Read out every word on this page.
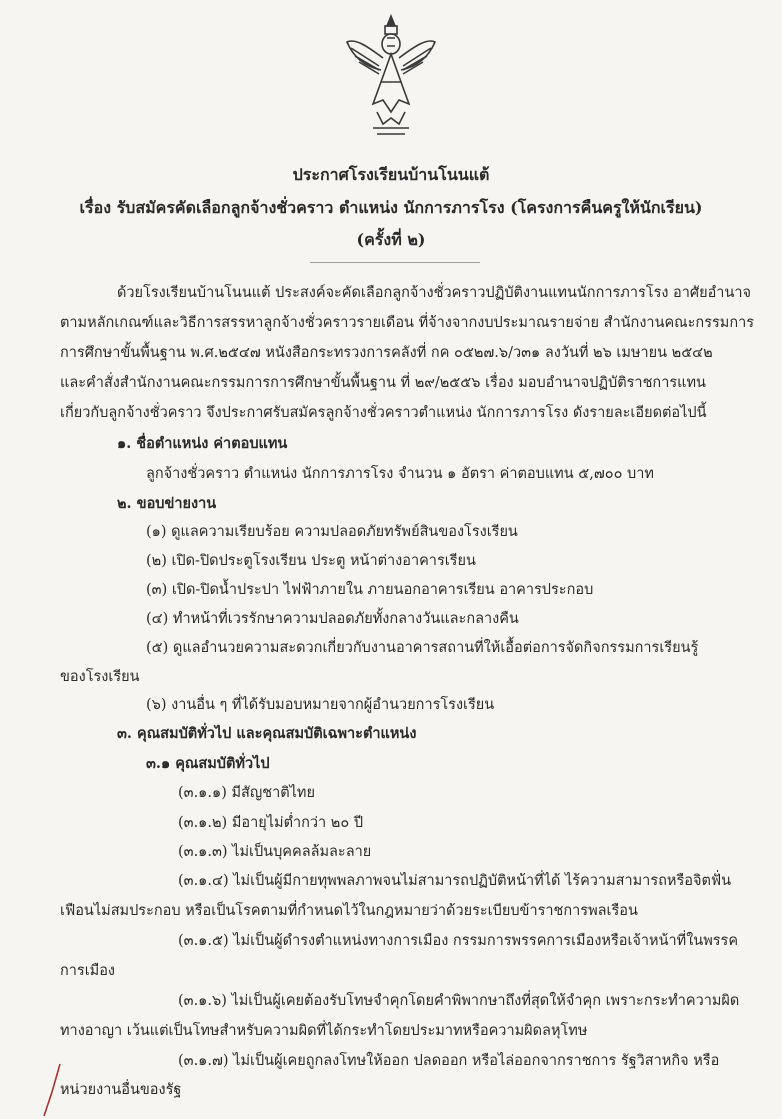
ประกาศโรงเรียนบ้านโนนแต้
เรื่อง รับสมัครคัดเลือกลูกจ้างชั่วคราว ตำแหน่ง นักการภารโรง (โครงการคืนครูให้นักเรียน)
(ครั้งที่ ๒)
ด้วยโรงเรียนบ้านโนนแต้ ประสงค์จะคัดเลือกลูกจ้างชั่วคราวปฏิบัติงานแทนนักการภารโรง อาศัยอำนาจ
ตามหลักเกณฑ์และวิธีการสรรหาลูกจ้างชั่วคราวรายเดือน ที่จ้างจากงบประมาณรายจ่าย สำนักงานคณะกรรมการ
การศึกษาขั้นพื้นฐาน พ.ศ.๒๕๔๗ หนังสือกระทรวงการคลังที่ กค ๐๕๒๗.๖/ว๓๑ ลงวันที่ ๒๖ เมษายน ๒๕๔๒
และคำสั่งสำนักงานคณะกรรมการการศึกษาขั้นพื้นฐาน ที่ ๒๙/๒๕๕๖ เรื่อง มอบอำนาจปฏิบัติราชการแทน
เกี่ยวกับลูกจ้างชั่วคราว จึงประกาศรับสมัครลูกจ้างชั่วคราวตำแหน่ง นักการภารโรง ดังรายละเอียดต่อไปนี้
๑. ชื่อตำแหน่ง ค่าตอบแทน
ลูกจ้างชั่วคราว ตำแหน่ง นักการภารโรง จำนวน ๑ อัตรา ค่าตอบแทน ๕,๗๐๐ บาท
๒. ขอบข่ายงาน
(๑) ดูแลความเรียบร้อย ความปลอดภัยทรัพย์สินของโรงเรียน
(๒) เปิด-ปิดประตูโรงเรียน ประตู หน้าต่างอาคารเรียน
(๓) เปิด-ปิดน้ำประปา ไฟฟ้าภายใน ภายนอกอาคารเรียน อาคารประกอบ
(๔) ทำหน้าที่เวรรักษาความปลอดภัยทั้งกลางวันและกลางคืน
(๕) ดูแลอำนวยความสะดวกเกี่ยวกับงานอาคารสถานที่ให้เอื้อต่อการจัดกิจกรรมการเรียนรู้
ของโรงเรียน
(๖) งานอื่น ๆ ที่ได้รับมอบหมายจากผู้อำนวยการโรงเรียน
๓. คุณสมบัติทั่วไป และคุณสมบัติเฉพาะตำแหน่ง
๓.๑ คุณสมบัติทั่วไป
(๓.๑.๑) มีสัญชาติไทย
(๓.๑.๒) มีอายุไม่ต่ำกว่า ๒๐ ปี
(๓.๑.๓) ไม่เป็นบุคคลล้มละลาย
(๓.๑.๔) ไม่เป็นผู้มีกายทุพพลภาพจนไม่สามารถปฏิบัติหน้าที่ได้ ไร้ความสามารถหรือจิตฟั่น
เฟือนไม่สมประกอบ หรือเป็นโรคตามที่กำหนดไว้ในกฎหมายว่าด้วยระเบียบข้าราชการพลเรือน
(๓.๑.๕) ไม่เป็นผู้ดำรงตำแหน่งทางการเมือง กรรมการพรรคการเมืองหรือเจ้าหน้าที่ในพรรค
การเมือง
(๓.๑.๖) ไม่เป็นผู้เคยต้องรับโทษจำคุกโดยคำพิพากษาถึงที่สุดให้จำคุก เพราะกระทำความผิด
ทางอาญา เว้นแต่เป็นโทษสำหรับความผิดที่ได้กระทำโดยประมาทหรือความผิดลหุโทษ
(๓.๑.๗) ไม่เป็นผู้เคยถูกลงโทษให้ออก ปลดออก หรือไล่ออกจากราชการ รัฐวิสาหกิจ หรือ
หน่วยงานอื่นของรัฐ
